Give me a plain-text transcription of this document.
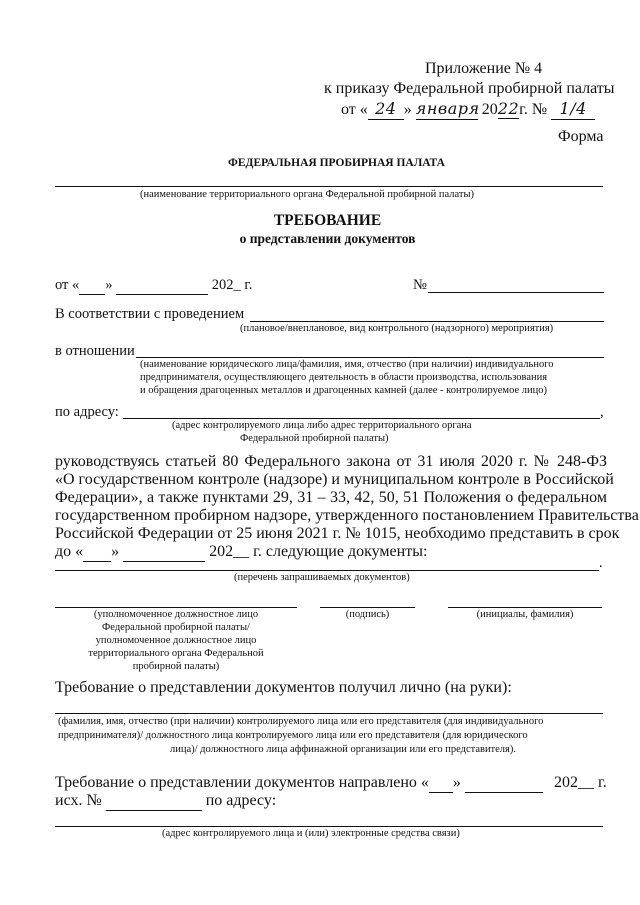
Приложение № 4
к приказу Федеральной пробирной палаты
от « 24 » января 2022г. № 1/4
Форма
ФЕДЕРАЛЬНАЯ ПРОБИРНАЯ ПАЛАТА
(наименование территориального органа Федеральной пробирной палаты)
ТРЕБОВАНИЕ
о представлении документов
от « »	202_ г.	№
В соответствии с проведением
(плановое/внеплановое, вид контрольного (надзорного) мероприятия)
в отношении
(наименование юридического лица/фамилия, имя, отчество (при наличии) индивидуального
предпринимателя, осуществляющего деятельность в области производства, использования
и обращения драгоценных металлов и драгоценных камней (далее - контролируемое лицо)
по адресу:	,
(адрес контролируемого лица либо адрес территориального органа
Федеральной пробирной палаты)
руководствуясь статьей 80 Федерального закона от 31 июля 2020 г. № 248-ФЗ
«О государственном контроле (надзоре) и муниципальном контроле в Российской
Федерации», а также пунктами 29, 31 – 33, 42, 50, 51 Положения о федеральном
государственном пробирном надзоре, утвержденного постановлением Правительства
Российской Федерации от 25 июня 2021 г. № 1015, необходимо представить в срок
до « »	202__ г. следующие документы:
.
(перечень запрашиваемых документов)
(уполномоченное должностное лицо
Федеральной пробирной палаты/
уполномоченное должностное лицо
территориального органа Федеральной
пробирной палаты)
(подпись)	(инициалы, фамилия)
Требование о представлении документов получил лично (на руки):
(фамилия, имя, отчество (при наличии) контролируемого лица или его представителя (для индивидуального
предпринимателя)/ должностного лица контролируемого лица или его представителя (для юридического
лица)/ должностного лица аффинажной организации или его представителя).
Требование о представлении документов направлено « »	202__ г.
исх. №	по адресу:
(адрес контролируемого лица и (или) электронные средства связи)
